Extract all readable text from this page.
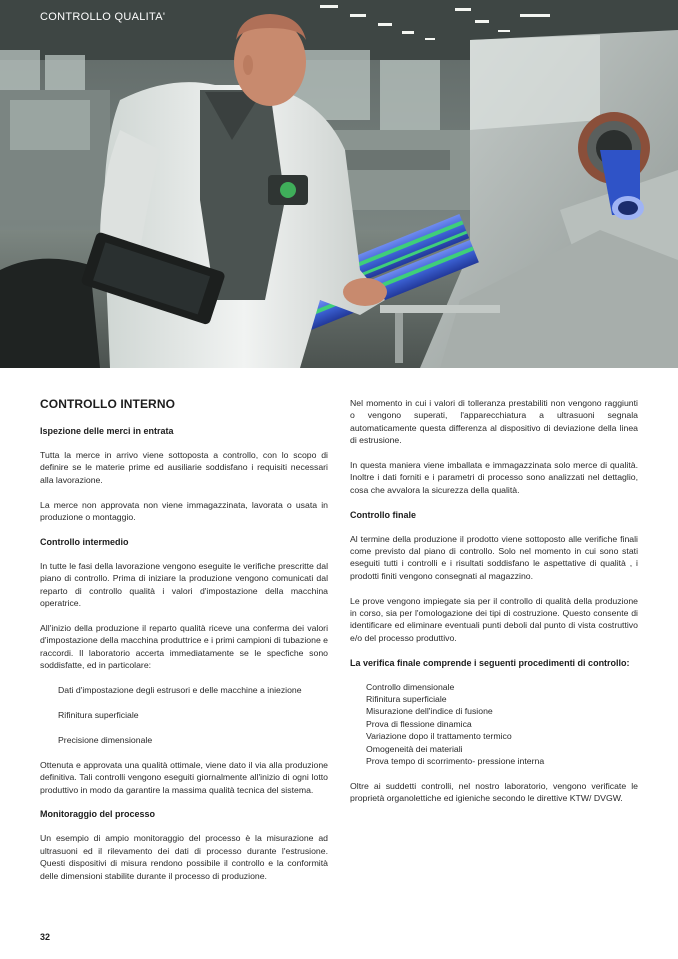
CONTROLLO QUALITA'
CONTROLLO INTERNO
Ispezione delle merci in entrata

Tutta la merce in arrivo viene sottoposta a controllo, con lo scopo di definire se le materie prime ed ausiliarie soddisfano i requisiti necessari alla lavorazione.

La merce non approvata non viene immagazzinata, lavorata o usata in produzione o montaggio.

Controllo intermedio

In tutte le fasi della lavorazione vengono eseguite le verifiche prescritte dal piano di controllo. Prima di iniziare la produzione vengono comunicati dal reparto di controllo qualità i valori d'impostazione della macchina operatrice.

All'inizio della produzione il reparto qualità riceve una conferma dei valori d'impostazione della macchina produttrice e i primi campioni di tubazione e raccordi. Il laboratorio accerta immediatamente se le specfiche sono soddisfatte, ed in particolare:

Dati d'impostazione degli estrusori e delle macchine a iniezione
Rifinitura superficiale
Precisione dimensionale

Ottenuta e approvata una qualità ottimale, viene dato il via alla produzione definitiva. Tali controlli vengono eseguiti giornalmente all'inizio di ogni lotto produttivo in modo da garantire la massima qualità tecnica del sistema.

Monitoraggio del processo

Un esempio di ampio monitoraggio del processo è la misurazione ad ultrasuoni ed il rilevamento dei dati di processo durante l'estrusione. Questi dispositivi di misura rendono possibile il controllo e la conformità delle dimensioni stabilite durante il processo di produzione.

Nel momento in cui i valori di tolleranza prestabiliti non vengono raggiunti o vengono superati, l'apparecchiatura a ultrasuoni segnala automaticamente questa differenza al dispositivo di deviazione della linea di estrusione.

In questa maniera viene imballata e immagazzinata solo merce di qualità. Inoltre i dati forniti e i parametri di processo sono analizzati nel dettaglio, cosa che avvalora la sicurezza della qualità.

Controllo finale

Al termine della produzione il prodotto viene sottoposto alle verifiche finali come previsto dal piano di controllo. Solo nel momento in cui sono stati eseguiti tutti i controlli e i risultati soddisfano le aspettative di qualità , i prodotti finiti vengono consegnati al magazzino.

Le prove vengono impiegate sia per il controllo di qualità della produzione in corso, sia per l'omologazione dei tipi di costruzione. Questo consente di identificare ed eliminare eventuali punti deboli dal punto di vista costruttivo e/o del processo produttivo.

La verifica finale comprende i seguenti procedimenti di controllo:
Controllo dimensionale
Rifinitura superficiale
Misurazione dell'indice di fusione
Prova di flessione dinamica
Variazione dopo il trattamento termico
Omogeneità dei materiali
Prova tempo di scorrimento- pressione interna

Oltre ai suddetti controlli, nel nostro laboratorio, vengono verificate le proprietà organolettiche ed igieniche secondo le direttive KTW/ DVGW.

32
